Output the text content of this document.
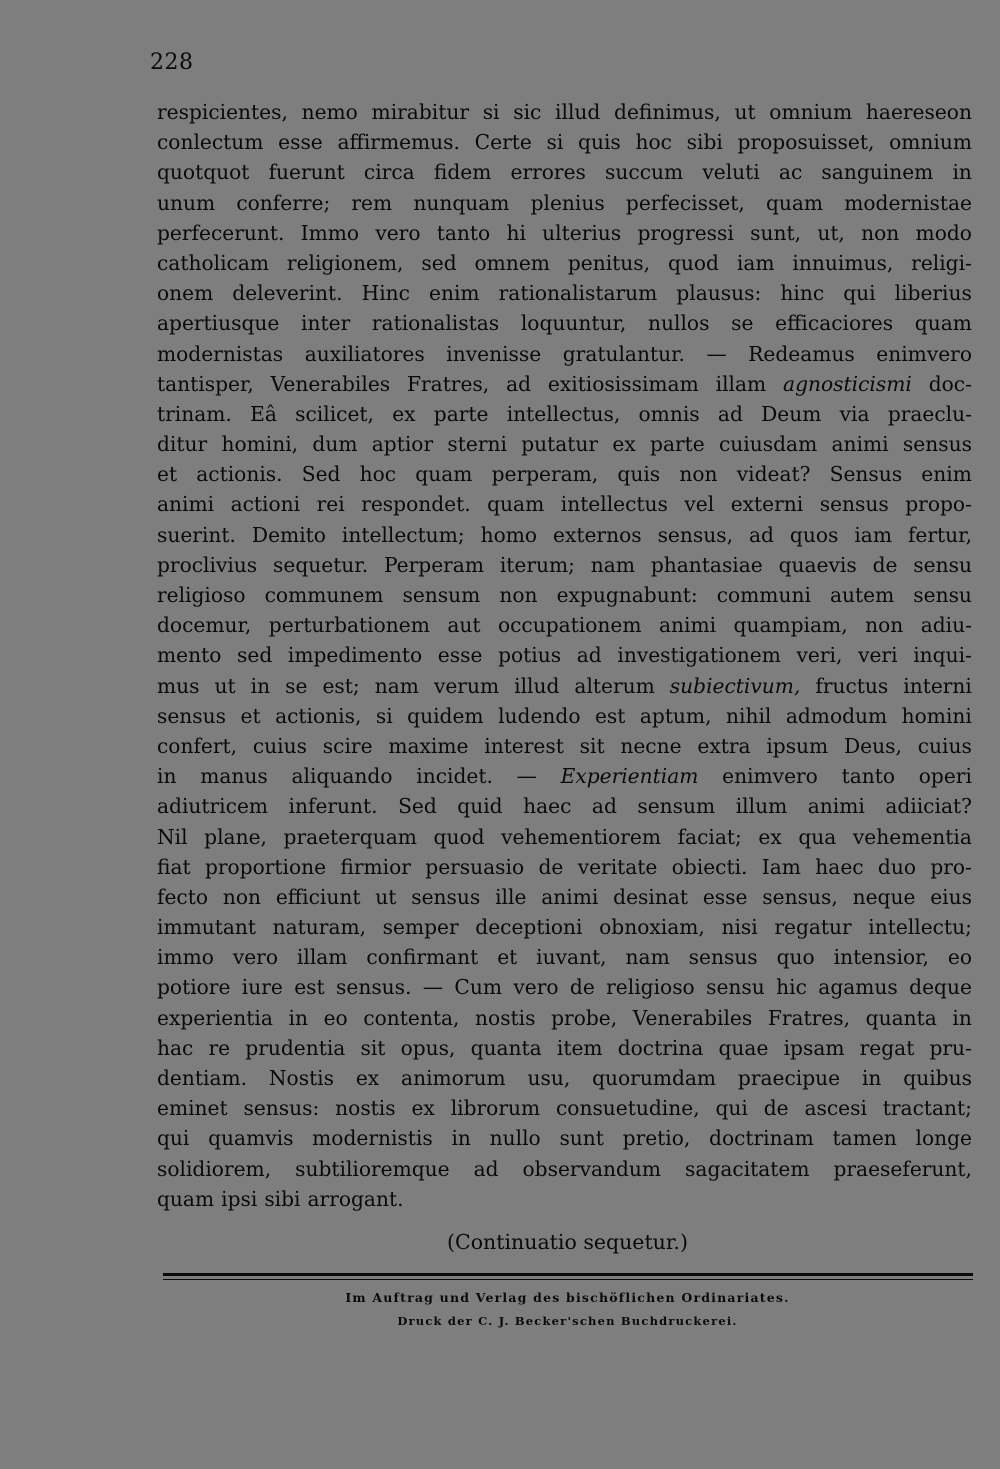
228
respicientes, nemo mirabitur si sic illud definimus, ut omnium haereseon
conlectum esse affirmemus. Certe si quis hoc sibi proposuisset, omnium
quotquot fuerunt circa fidem errores succum veluti ac sanguinem in
unum conferre; rem nunquam plenius perfecisset, quam modernistae
perfecerunt. Immo vero tanto hi ulterius progressi sunt, ut, non modo
catholicam religionem, sed omnem penitus, quod iam innuimus, religi-
onem deleverint. Hinc enim rationalistarum plausus: hinc qui liberius
apertiusque inter rationalistas loquuntur, nullos se efficaciores quam
modernistas auxiliatores invenisse gratulantur. — Redeamus enimvero
tantisper, Venerabiles Fratres, ad exitiosissimam illam agnosticismi doc-
trinam. Eâ scilicet, ex parte intellectus, omnis ad Deum via praeclu-
ditur homini, dum aptior sterni putatur ex parte cuiusdam animi sensus
et actionis. Sed hoc quam perperam, quis non videat? Sensus enim
animi actioni rei respondet. quam intellectus vel externi sensus propo-
suerint. Demito intellectum; homo externos sensus, ad quos iam fertur,
proclivius sequetur. Perperam iterum; nam phantasiae quaevis de sensu
religioso communem sensum non expugnabunt: communi autem sensu
docemur, perturbationem aut occupationem animi quampiam, non adiu-
mento sed impedimento esse potius ad investigationem veri, veri inqui-
mus ut in se est; nam verum illud alterum subiectivum, fructus interni
sensus et actionis, si quidem ludendo est aptum, nihil admodum homini
confert, cuius scire maxime interest sit necne extra ipsum Deus, cuius
in manus aliquando incidet. — Experientiam enimvero tanto operi
adiutricem inferunt. Sed quid haec ad sensum illum animi adiiciat?
Nil plane, praeterquam quod vehementiorem faciat; ex qua vehementia
fiat proportione firmior persuasio de veritate obiecti. Iam haec duo pro-
fecto non efficiunt ut sensus ille animi desinat esse sensus, neque eius
immutant naturam, semper deceptioni obnoxiam, nisi regatur intellectu;
immo vero illam confirmant et iuvant, nam sensus quo intensior, eo
potiore iure est sensus. — Cum vero de religioso sensu hic agamus deque
experientia in eo contenta, nostis probe, Venerabiles Fratres, quanta in
hac re prudentia sit opus, quanta item doctrina quae ipsam regat pru-
dentiam. Nostis ex animorum usu, quorumdam praecipue in quibus
eminet sensus: nostis ex librorum consuetudine, qui de ascesi tractant;
qui quamvis modernistis in nullo sunt pretio, doctrinam tamen longe
solidiorem, subtilioremque ad observandum sagacitatem praeseferunt,
quam ipsi sibi arrogant.
(Continuatio sequetur.)
Im Auftrag und Verlag des bischöflichen Ordinariates.
Druck der C. J. Becker'schen Buchdruckerei.
